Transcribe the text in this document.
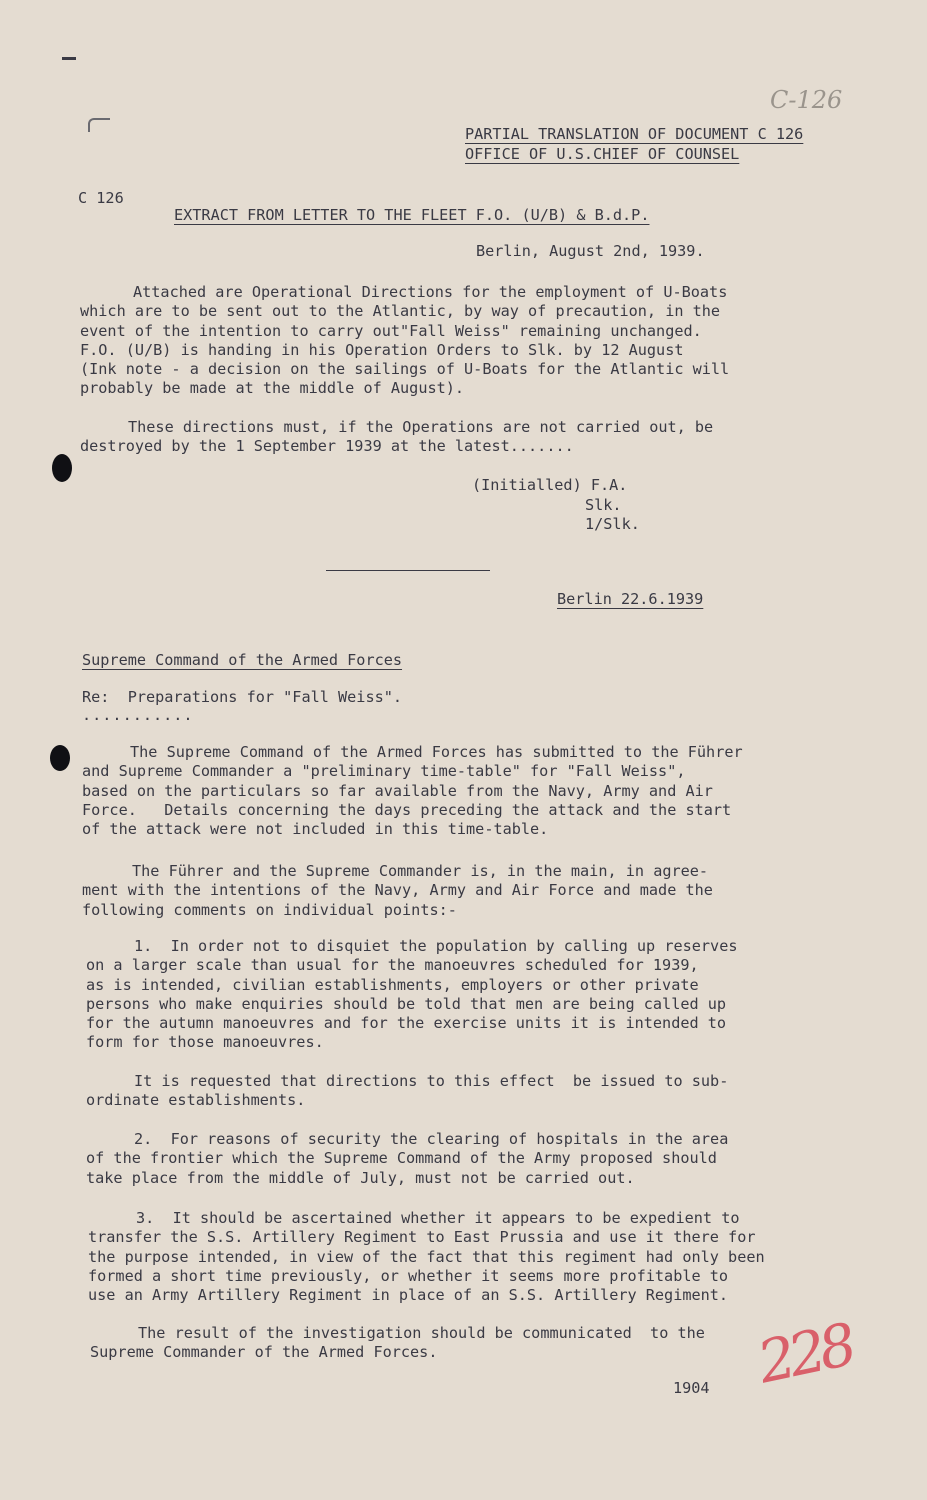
C-126
PARTIAL TRANSLATION OF DOCUMENT C 126
OFFICE OF U.S.CHIEF OF COUNSEL
C 126
EXTRACT FROM LETTER TO THE FLEET F.O. (U/B) & B.d.P.
Berlin, August 2nd, 1939.
Attached are Operational Directions for the employment of U-Boats
which are to be sent out to the Atlantic, by way of precaution, in the
event of the intention to carry out"Fall Weiss" remaining unchanged.
F.O. (U/B) is handing in his Operation Orders to Slk. by 12 August
(Ink note - a decision on the sailings of U-Boats for the Atlantic will
probably be made at the middle of August).
These directions must, if the Operations are not carried out, be
destroyed by the 1 September 1939 at the latest.......
(Initialled) F.A.
Slk.
1/Slk.
Berlin 22.6.1939
Supreme Command of the Armed Forces
Re:  Preparations for "Fall Weiss".
...........
The Supreme Command of the Armed Forces has submitted to the Führer
and Supreme Commander a "preliminary time-table" for "Fall Weiss",
based on the particulars so far available from the Navy, Army and Air
Force.   Details concerning the days preceding the attack and the start
of the attack were not included in this time-table.
The Führer and the Supreme Commander is, in the main, in agree-
ment with the intentions of the Navy, Army and Air Force and made the
following comments on individual points:-
1.  In order not to disquiet the population by calling up reserves
on a larger scale than usual for the manoeuvres scheduled for 1939,
as is intended, civilian establishments, employers or other private
persons who make enquiries should be told that men are being called up
for the autumn manoeuvres and for the exercise units it is intended to
form for those manoeuvres.
It is requested that directions to this effect  be issued to sub-
ordinate establishments.
2.  For reasons of security the clearing of hospitals in the area
of the frontier which the Supreme Command of the Army proposed should
take place from the middle of July, must not be carried out.
3.  It should be ascertained whether it appears to be expedient to
transfer the S.S. Artillery Regiment to East Prussia and use it there for
the purpose intended, in view of the fact that this regiment had only been
formed a short time previously, or whether it seems more profitable to
use an Army Artillery Regiment in place of an S.S. Artillery Regiment.
The result of the investigation should be communicated  to the
Supreme Commander of the Armed Forces.
1904 228
